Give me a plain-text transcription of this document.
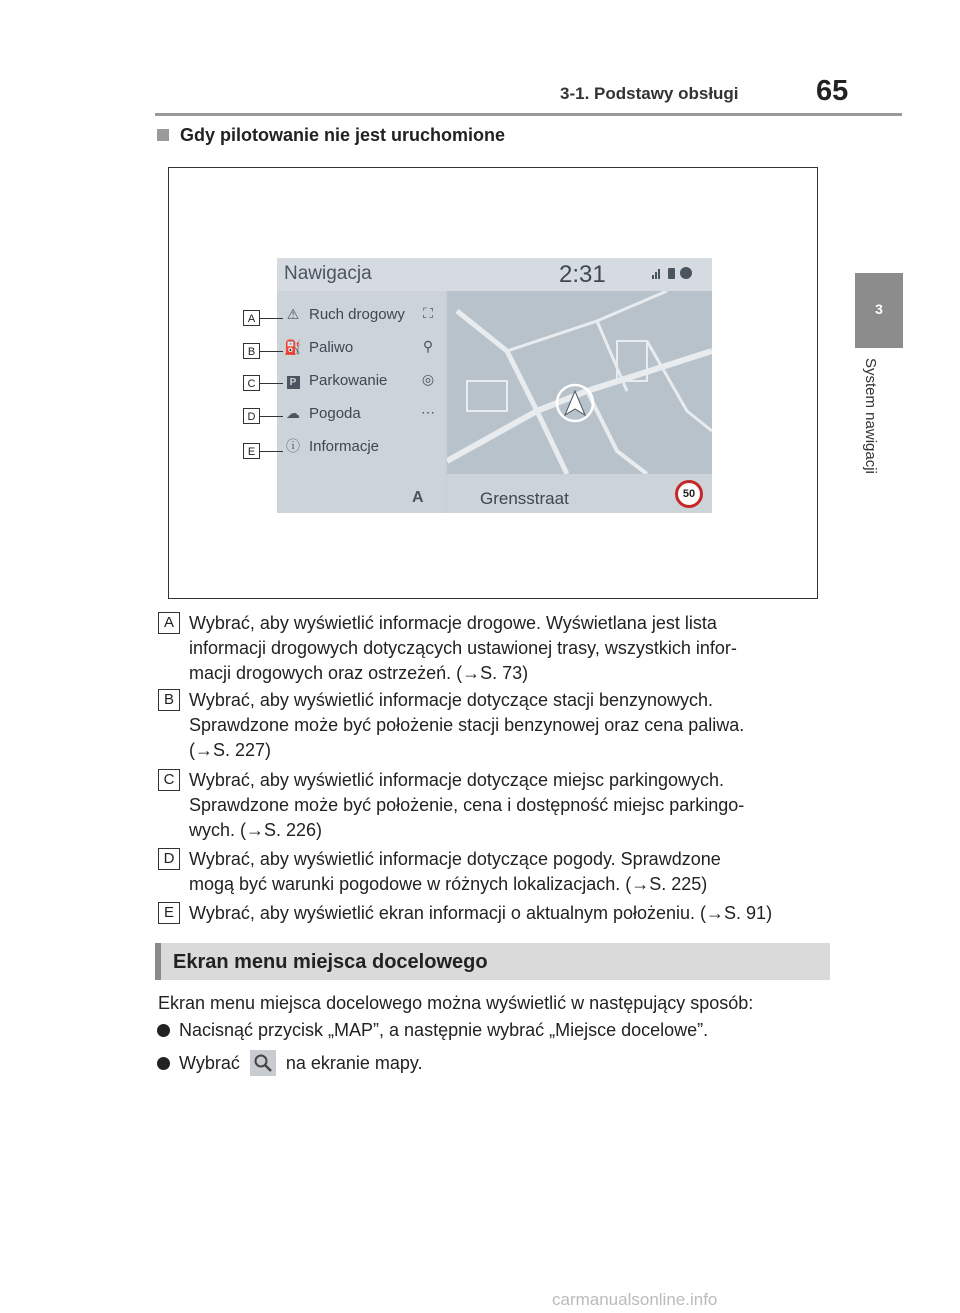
3-1. Podstawy obsługi	65
3
System nawigacji
Gdy pilotowanie nie jest uruchomione
Nawigacja	2:31
⚠ Ruch drogowy
⛽ Paliwo
P Parkowanie
☁ Pogoda
ⓘ Informacje
⛶
⚲
◎
⋯
A	Grensstraat	50
A
B
C
D
E
A Wybrać, aby wyświetlić informacje drogowe. Wyświetlana jest lista
informacji drogowych dotyczących ustawionej trasy, wszystkich infor-
macji drogowych oraz ostrzeżeń. (→S. 73)
B Wybrać, aby wyświetlić informacje dotyczące stacji benzynowych.
Sprawdzone może być położenie stacji benzynowej oraz cena paliwa.
(→S. 227)
C Wybrać, aby wyświetlić informacje dotyczące miejsc parkingowych.
Sprawdzone może być położenie, cena i dostępność miejsc parkingo-
wych. (→S. 226)
D Wybrać, aby wyświetlić informacje dotyczące pogody. Sprawdzone
mogą być warunki pogodowe w różnych lokalizacjach. (→S. 225)
E Wybrać, aby wyświetlić ekran informacji o aktualnym położeniu. (→S. 91)
Ekran menu miejsca docelowego
Ekran menu miejsca docelowego można wyświetlić w następujący sposób:
Nacisnąć przycisk „MAP”, a następnie wybrać „Miejsce docelowe”.
Wybrać	na ekranie mapy.
carmanualsonline.info
